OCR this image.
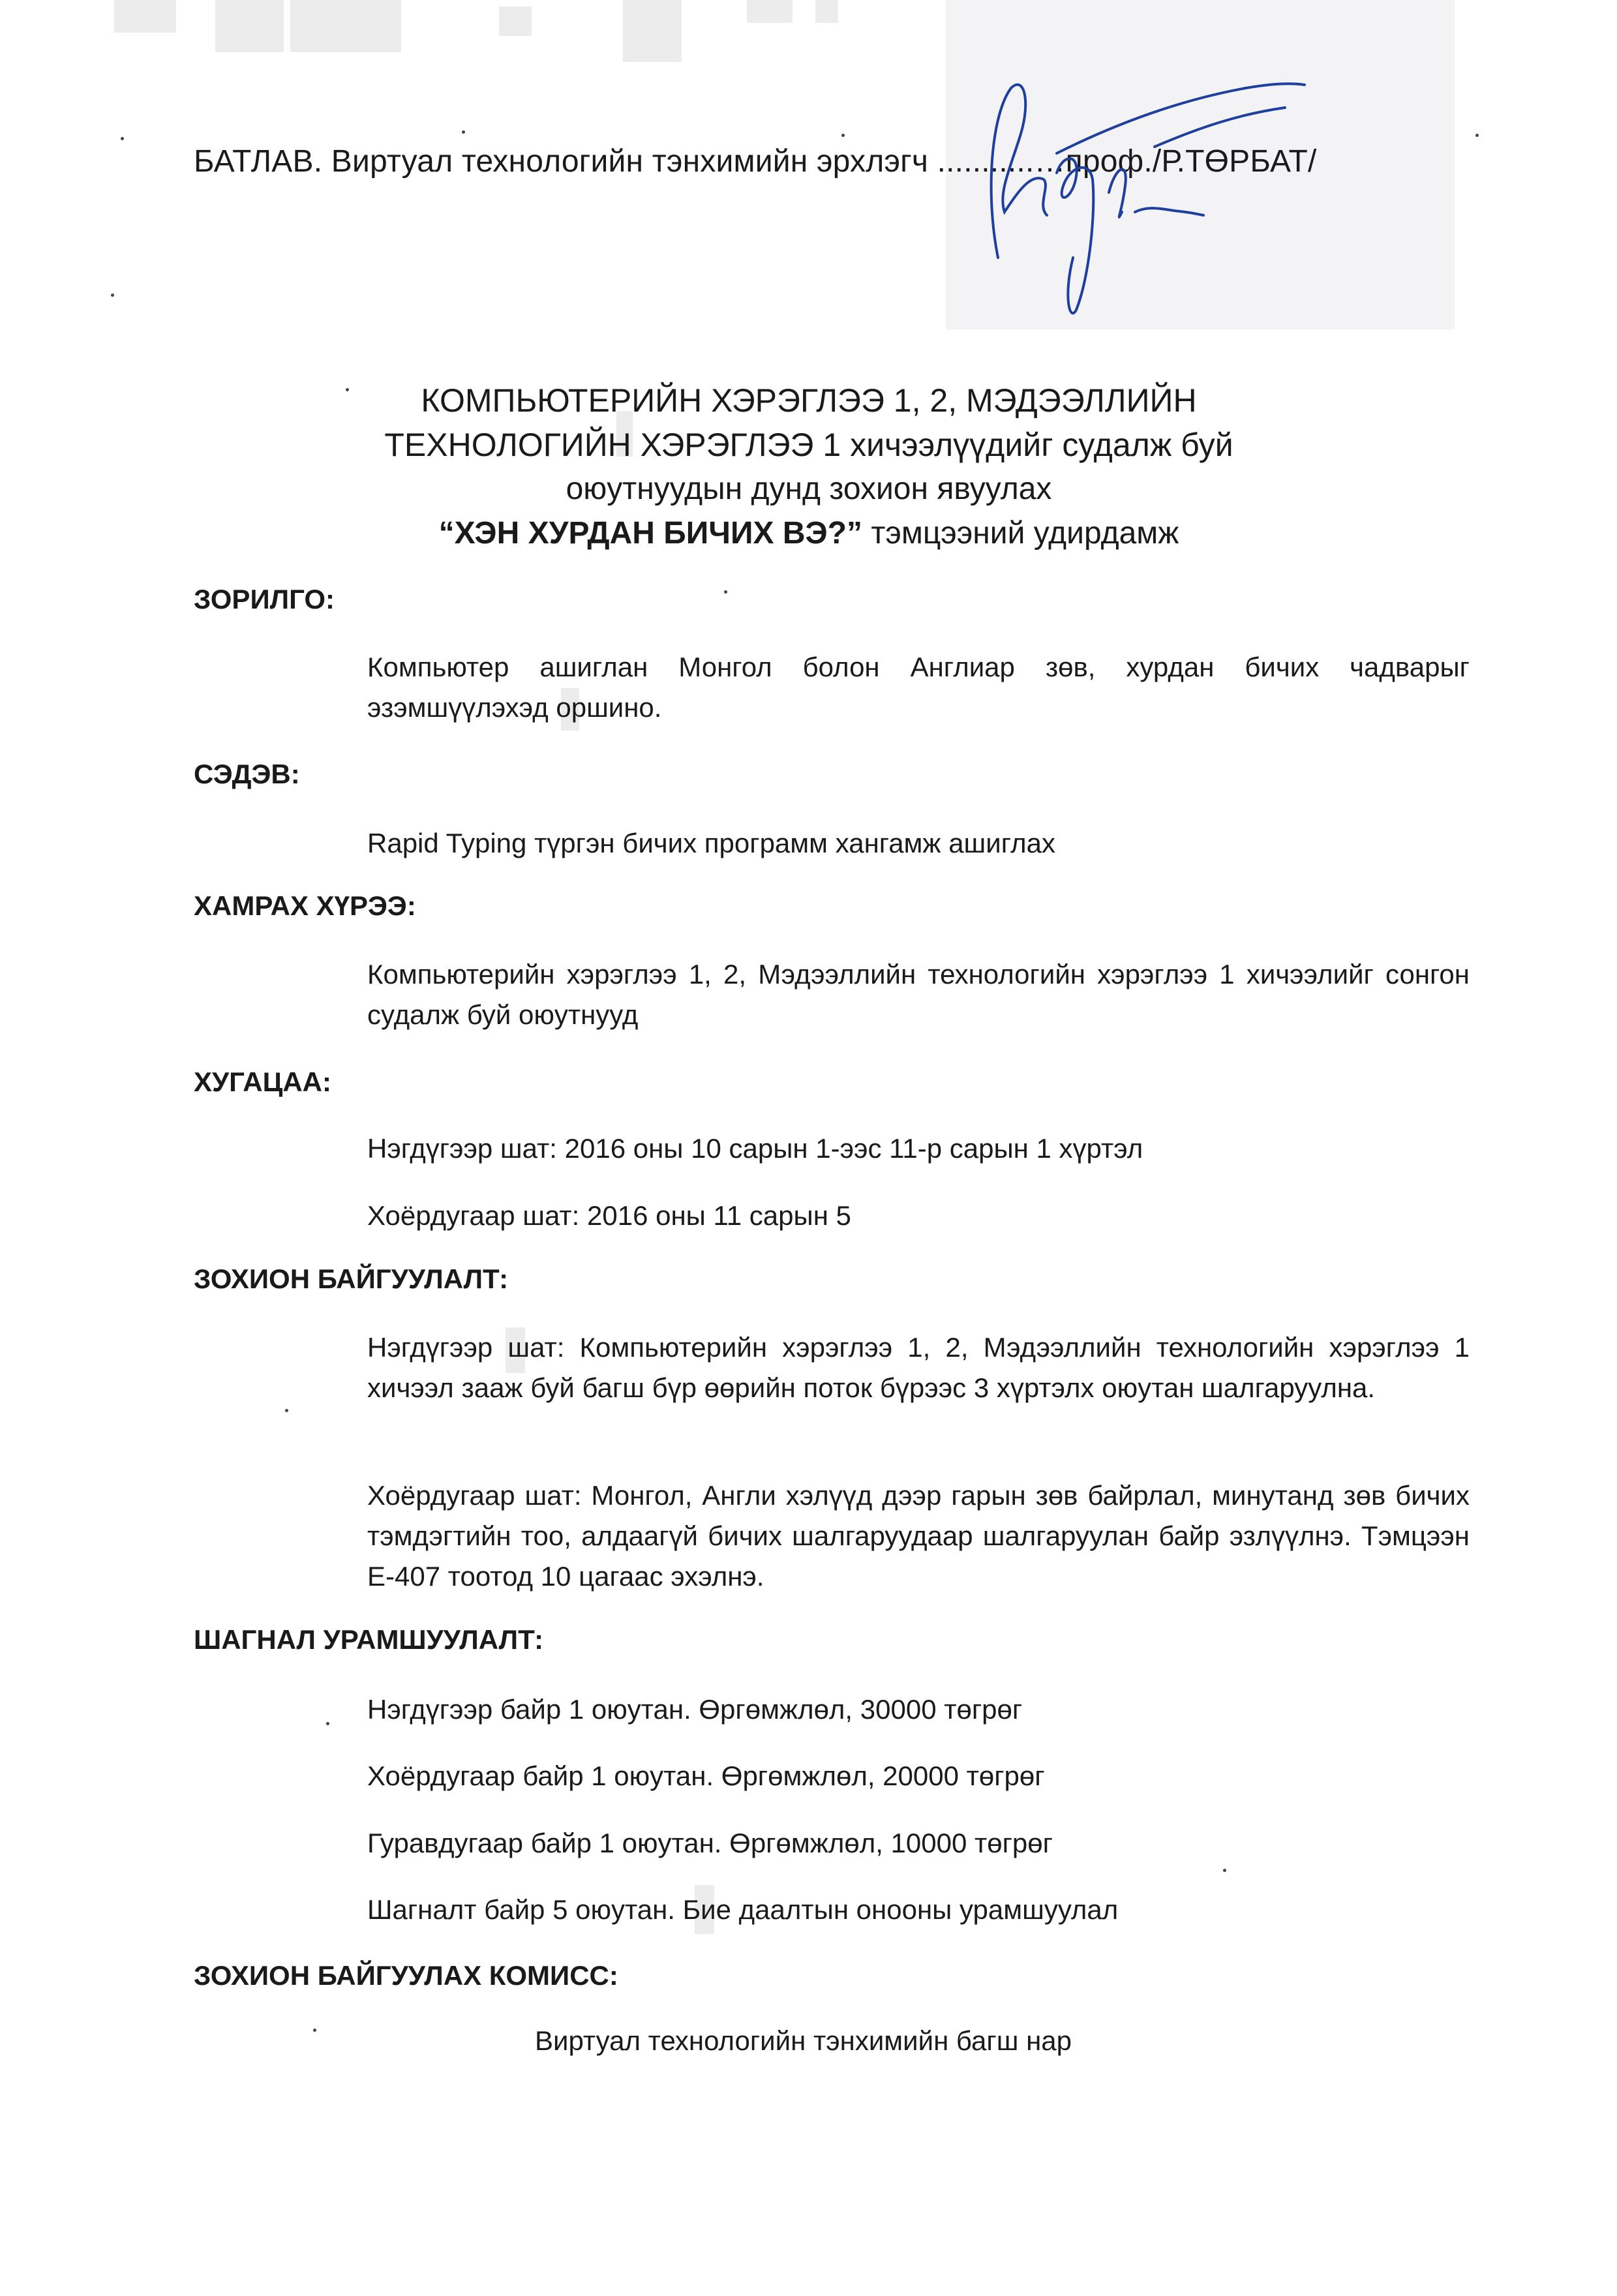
БАТЛАВ. Виртуал технологийн тэнхимийн эрхлэгч ...........…проф./Р.ТӨРБАТ/
КОМПЬЮТЕРИЙН ХЭРЭГЛЭЭ 1, 2, МЭДЭЭЛЛИЙН
ТЕХНОЛОГИЙН ХЭРЭГЛЭЭ 1 хичээлүүдийг судалж буй
оюутнуудын дунд зохион явуулах
“ХЭН ХУРДАН БИЧИХ ВЭ?” тэмцээний удирдамж
ЗОРИЛГО:
Компьютер ашиглан Монгол болон Англиар зөв, хурдан бичих чадварыг эзэмшүүлэхэд оршино.
СЭДЭВ:
Rapid Typing түргэн бичих программ хангамж ашиглах
ХАМРАХ ХҮРЭЭ:
Компьютерийн хэрэглээ 1, 2, Мэдээллийн технологийн хэрэглээ 1 хичээлийг сонгон судалж буй оюутнууд
ХУГАЦАА:
Нэгдүгээр шат: 2016 оны 10 сарын 1-ээс 11-р сарын 1 хүртэл
Хоёрдугаар шат: 2016 оны 11 сарын 5
ЗОХИОН БАЙГУУЛАЛТ:
Нэгдүгээр шат: Компьютерийн хэрэглээ 1, 2, Мэдээллийн технологийн хэрэглээ 1 хичээл зааж буй багш бүр өөрийн поток бүрээс 3 хүртэлх оюутан шалгаруулна.
Хоёрдугаар шат: Монгол, Англи хэлүүд дээр гарын зөв байрлал, минутанд зөв бичих тэмдэгтийн тоо, алдаагүй бичих шалгаруудаар шалгаруулан байр эзлүүлнэ. Тэмцээн Е-407 тоотод 10 цагаас эхэлнэ.
ШАГНАЛ УРАМШУУЛАЛТ:
Нэгдүгээр байр 1 оюутан. Өргөмжлөл, 30000 төгрөг
Хоёрдугаар байр 1 оюутан. Өргөмжлөл, 20000 төгрөг
Гуравдугаар байр 1 оюутан. Өргөмжлөл, 10000 төгрөг
Шагналт байр 5 оюутан. Бие даалтын онооны урамшуулал
ЗОХИОН БАЙГУУЛАХ КОМИСС:
Виртуал технологийн тэнхимийн багш нар
